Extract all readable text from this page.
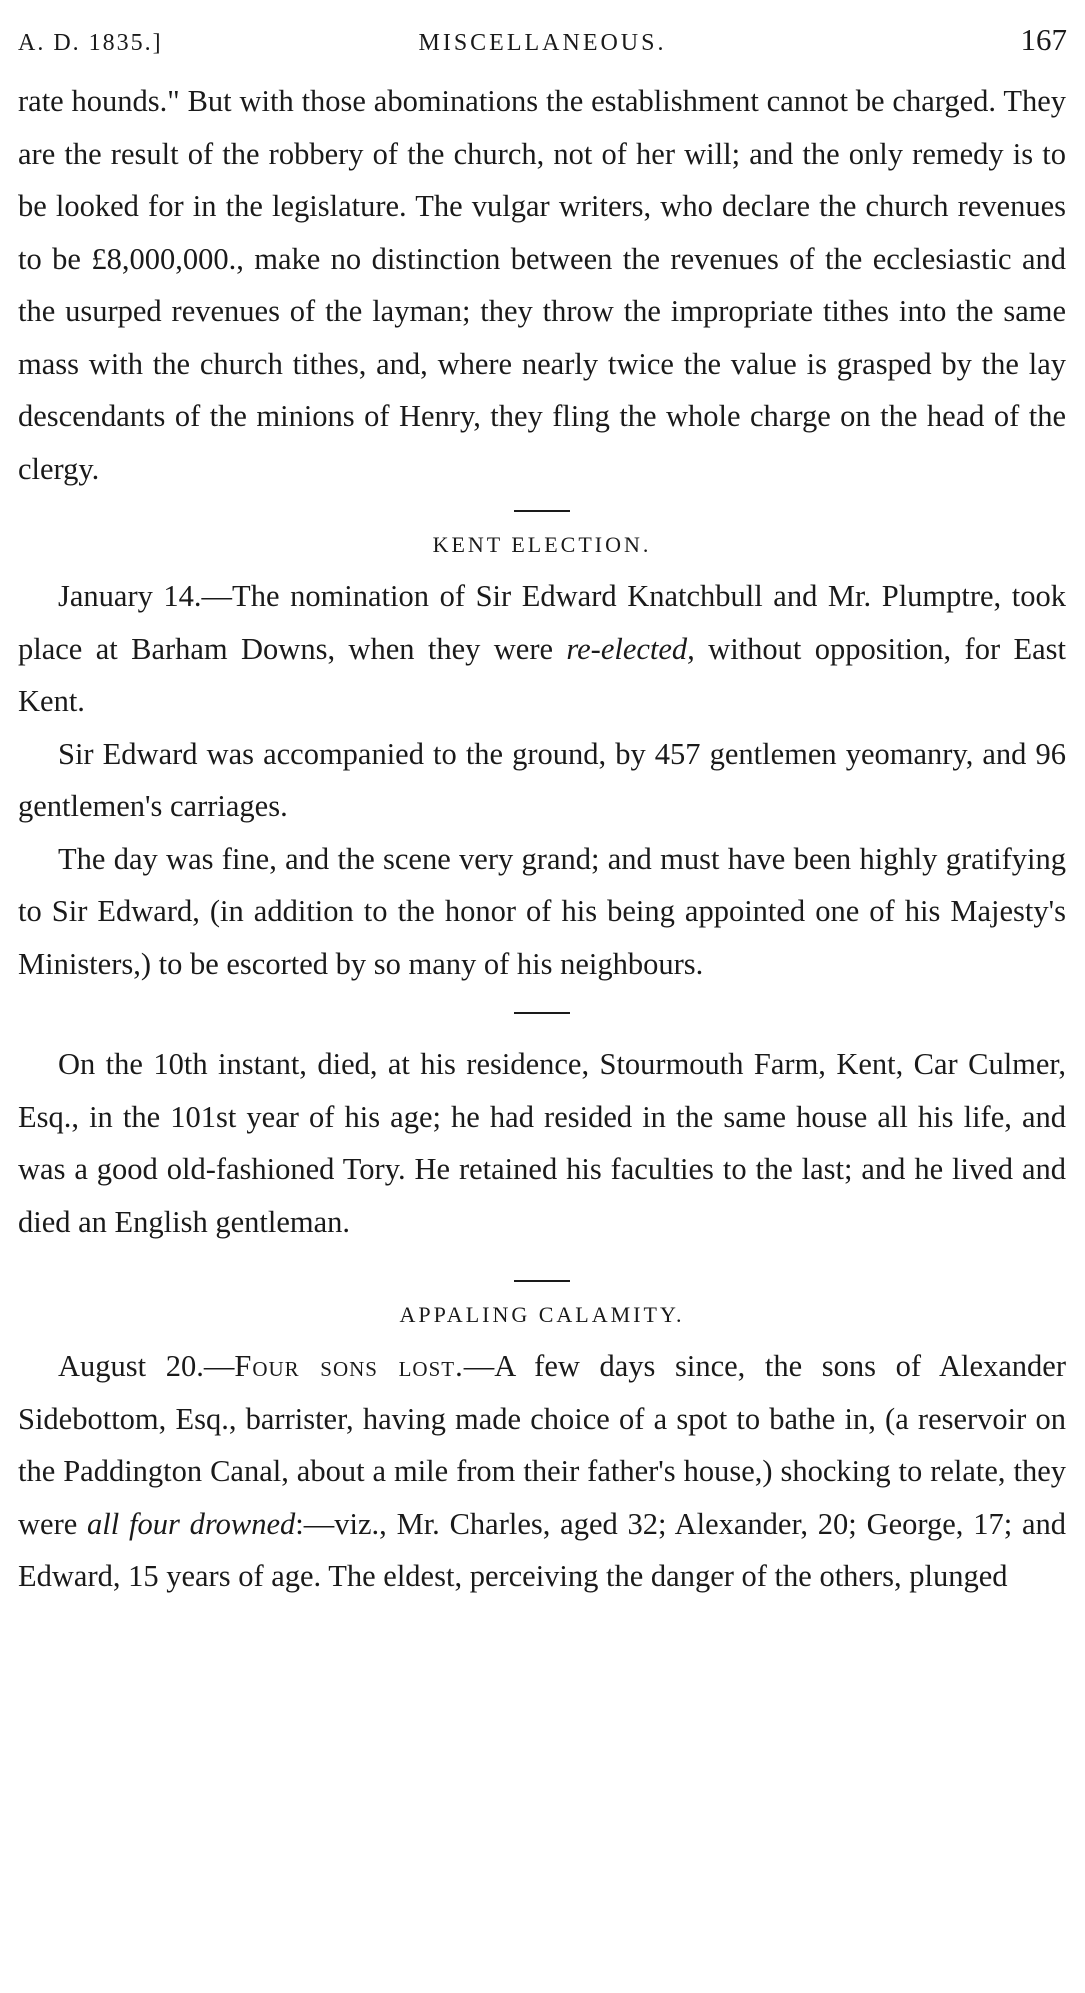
A. D. 1835.]	MISCELLANEOUS.	167

rate hounds." But with those abominations the establishment cannot be charged. They are the result of the robbery of the church, not of her will; and the only remedy is to be looked for in the legislature. The vulgar writers, who declare the church revenues to be £8,000,000., make no distinction between the revenues of the ecclesiastic and the usurped revenues of the layman; they throw the impropriate tithes into the same mass with the church tithes, and, where nearly twice the value is grasped by the lay descendants of the minions of Henry, they fling the whole charge on the head of the clergy.

KENT ELECTION.

January 14.—The nomination of Sir Edward Knatchbull and Mr. Plumptre, took place at Barham Downs, when they were re-elected, without opposition, for East Kent.

Sir Edward was accompanied to the ground, by 457 gentlemen yeomanry, and 96 gentlemen's carriages.

The day was fine, and the scene very grand; and must have been highly gratifying to Sir Edward, (in addition to the honor of his being appointed one of his Majesty's Ministers,) to be escorted by so many of his neighbours.

On the 10th instant, died, at his residence, Stourmouth Farm, Kent, Car Culmer, Esq., in the 101st year of his age; he had resided in the same house all his life, and was a good old-fashioned Tory. He retained his faculties to the last; and he lived and died an English gentleman.

APPALING CALAMITY.

August 20.—Four sons lost.—A few days since, the sons of Alexander Sidebottom, Esq., barrister, having made choice of a spot to bathe in, (a reservoir on the Paddington Canal, about a mile from their father's house,) shocking to relate, they were all four drowned:—viz., Mr. Charles, aged 32; Alexander, 20; George, 17; and Edward, 15 years of age. The eldest, perceiving the danger of the others, plunged
